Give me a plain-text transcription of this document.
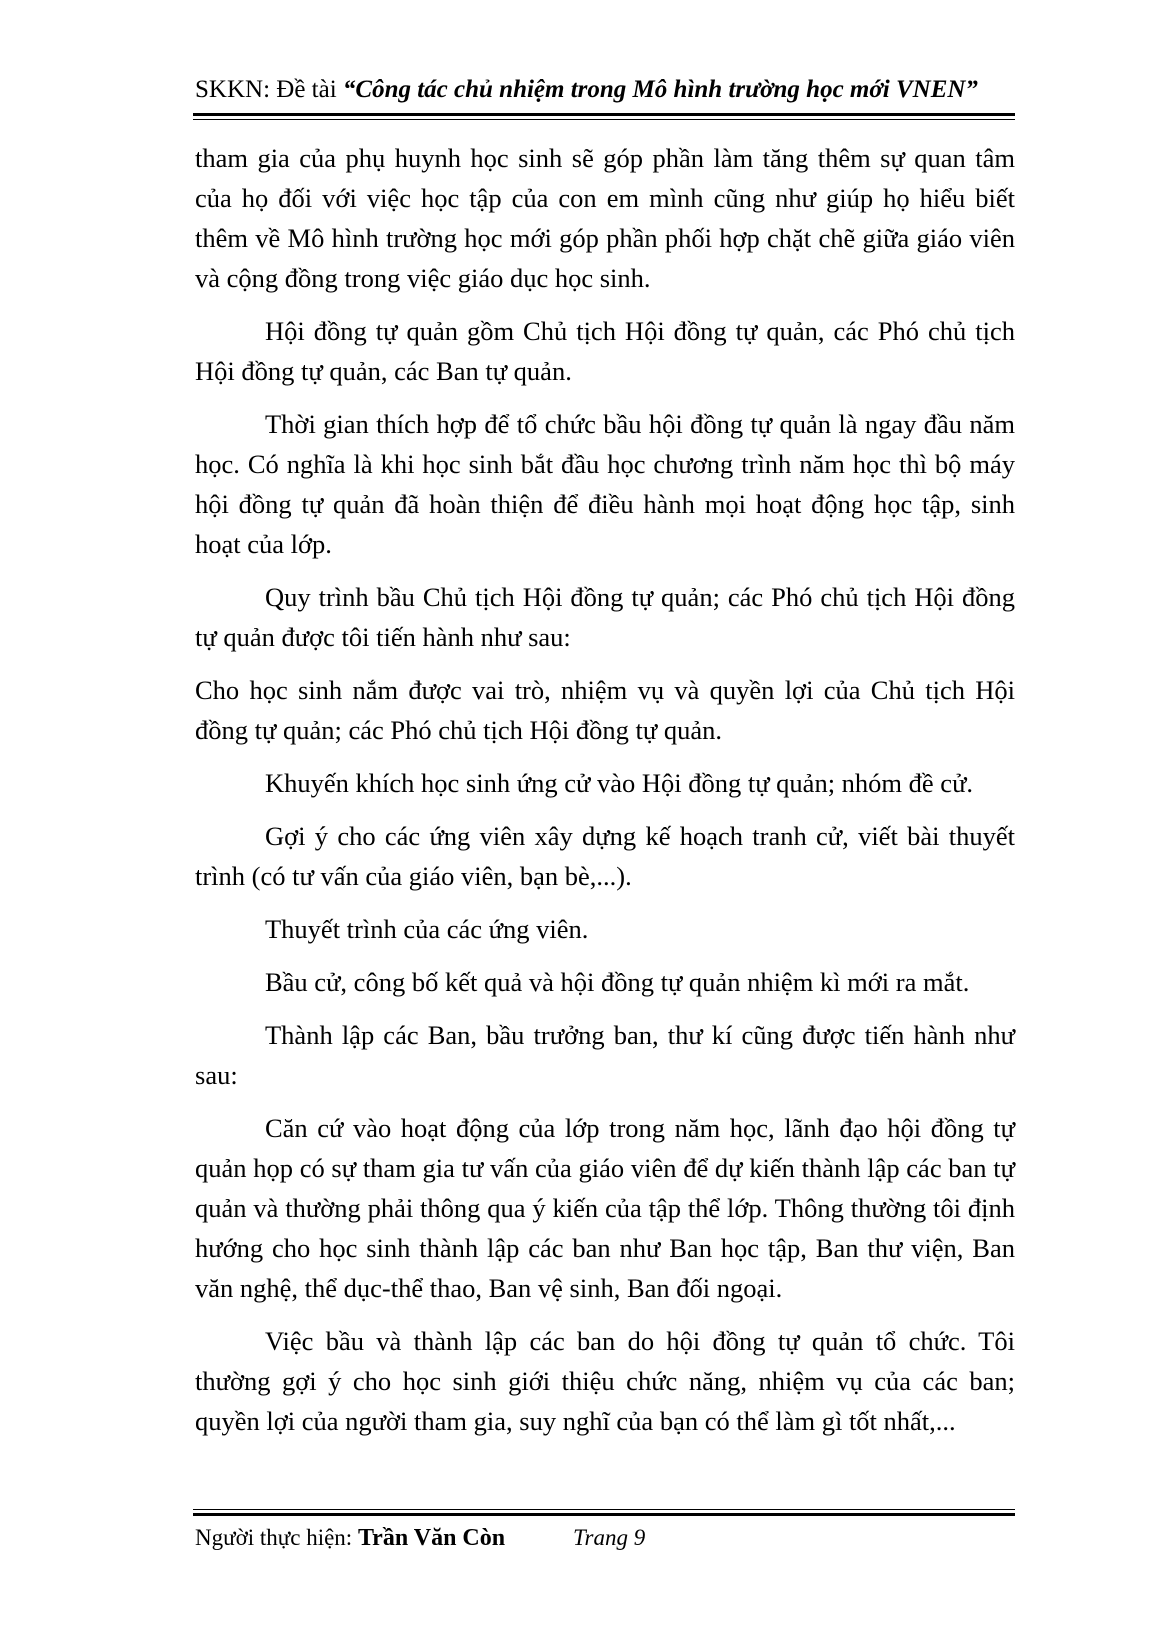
SKKN: Đề tài “Công tác chủ nhiệm trong Mô hình trường học mới VNEN”

tham gia của phụ huynh học sinh sẽ góp phần làm tăng thêm sự quan tâm của họ đối với việc học tập của con em mình cũng như giúp họ hiểu biết thêm về Mô hình trường học mới góp phần phối hợp chặt chẽ giữa giáo viên và cộng đồng trong việc giáo dục học sinh.

Hội đồng tự quản gồm Chủ tịch Hội đồng tự quản, các Phó chủ tịch Hội đồng tự quản, các Ban tự quản.

Thời gian thích hợp để tổ chức bầu hội đồng tự quản là ngay đầu năm học. Có nghĩa là khi học sinh bắt đầu học chương trình năm học thì bộ máy hội đồng tự quản đã hoàn thiện để điều hành mọi hoạt động học tập, sinh hoạt của lớp.

Quy trình bầu Chủ tịch Hội đồng tự quản; các Phó chủ tịch Hội đồng tự quản được tôi tiến hành như sau:

Cho học sinh nắm được vai trò, nhiệm vụ và quyền lợi của Chủ tịch Hội đồng tự quản; các Phó chủ tịch Hội đồng tự quản.

Khuyến khích học sinh ứng cử vào Hội đồng tự quản; nhóm đề cử.

Gợi ý cho các ứng viên xây dựng kế hoạch tranh cử, viết bài thuyết trình (có tư vấn của giáo viên, bạn bè,...).

Thuyết trình của các ứng viên.

Bầu cử, công bố kết quả và hội đồng tự quản nhiệm kì mới ra mắt.

Thành lập các Ban, bầu trưởng ban, thư kí cũng được tiến hành như sau:

Căn cứ vào hoạt động của lớp trong năm học, lãnh đạo hội đồng tự quản họp có sự tham gia tư vấn của giáo viên để dự kiến thành lập các ban tự quản và thường phải thông qua ý kiến của tập thể lớp. Thông thường tôi định hướng cho học sinh thành lập các ban như Ban học tập, Ban thư viện, Ban văn nghệ, thể dục-thể thao, Ban vệ sinh, Ban đối ngoại.

Việc bầu và thành lập các ban do hội đồng tự quản tổ chức. Tôi thường gợi ý cho học sinh giới thiệu chức năng, nhiệm vụ của các ban; quyền lợi của người tham gia, suy nghĩ của bạn có thể làm gì tốt nhất,...

Người thực hiện: Trần Văn Còn	Trang 9
